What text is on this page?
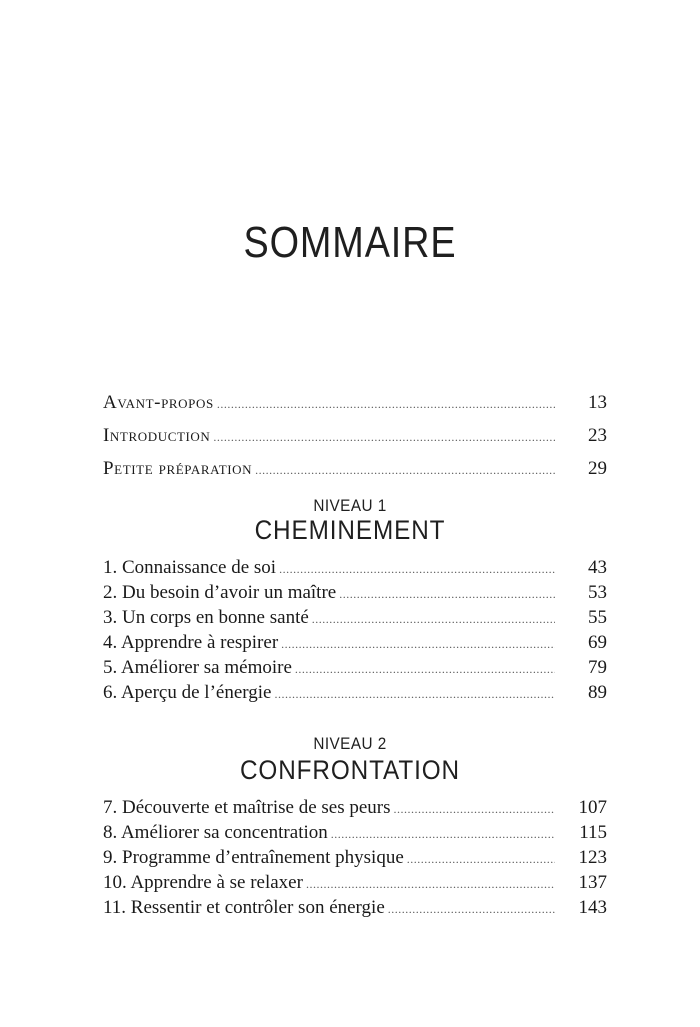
SOMMAIRE
Avant-propos .....	13
Introduction .....	23
Petite préparation .....	29
NIVEAU 1
CHEMINEMENT
1. Connaissance de soi .....	43
2. Du besoin d’avoir un maître .....	53
3. Un corps en bonne santé .....	55
4. Apprendre à respirer .....	69
5. Améliorer sa mémoire .....	79
6. Aperçu de l’énergie .....	89
NIVEAU 2
CONFRONTATION
7. Découverte et maîtrise de ses peurs .....	107
8. Améliorer sa concentration .....	115
9. Programme d’entraînement physique .....	123
10. Apprendre à se relaxer .....	137
11. Ressentir et contrôler son énergie .....	143
